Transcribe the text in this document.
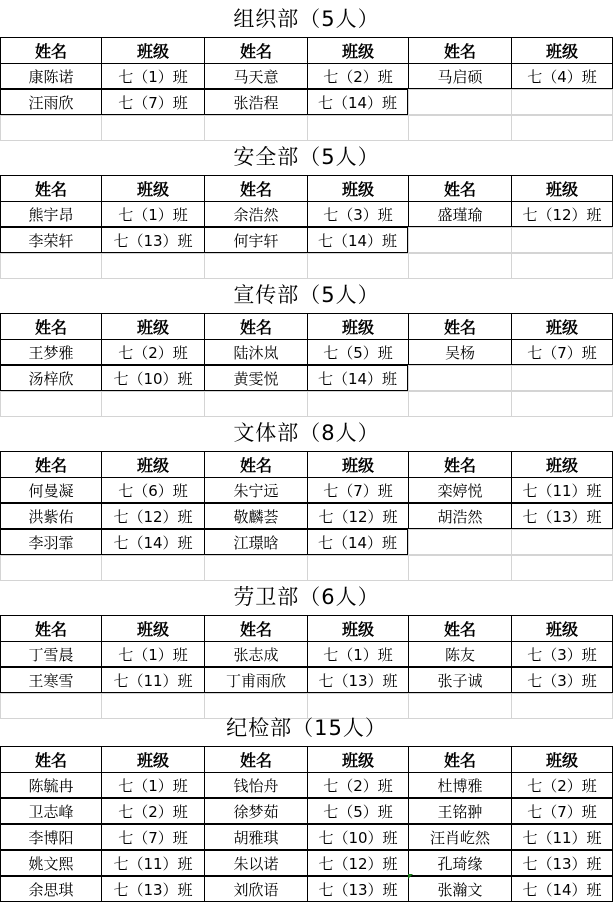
组织部（5人）
姓名	班级	姓名	班级	姓名	班级
康陈诺	七（1）班	马天意	七（2）班	马启硕	七（4）班
汪雨欣	七（7）班	张浩程	七（14）班
安全部（5人）
姓名	班级	姓名	班级	姓名	班级
熊宇昂	七（1）班	余浩然	七（3）班	盛瑾瑜	七（12）班
李荣轩	七（13）班	何宇轩	七（14）班
宣传部（5人）
姓名	班级	姓名	班级	姓名	班级
王梦雅	七（2）班	陆沐岚	七（5）班	吴杨	七（7）班
汤梓欣	七（10）班	黄雯悦	七（14）班
文体部（8人）
姓名	班级	姓名	班级	姓名	班级
何曼凝	七（6）班	朱宁远	七（7）班	栾婷悦	七（11）班
洪紫佑	七（12）班	敬麟荟	七（12）班	胡浩然	七（13）班
李羽霏	七（14）班	江璟晗	七（14）班
劳卫部（6人）
姓名	班级	姓名	班级	姓名	班级
丁雪晨	七（1）班	张志成	七（1）班	陈友	七（3）班
王寒雪	七（11）班	丁甫雨欣	七（13）班	张子诚	七（3）班
纪检部（15人）
姓名	班级	姓名	班级	姓名	班级
陈毓冉	七（1）班	钱怡舟	七（2）班	杜博雅	七（2）班
卫志峰	七（2）班	徐梦茹	七（5）班	王铭翀	七（7）班
李博阳	七（7）班	胡雅琪	七（10）班	汪肖屹然	七（11）班
姚文熙	七（11）班	朱以诺	七（12）班	孔琦缘	七（13）班
余思琪	七（13）班	刘欣语	七（13）班	张瀚文	七（14）班
